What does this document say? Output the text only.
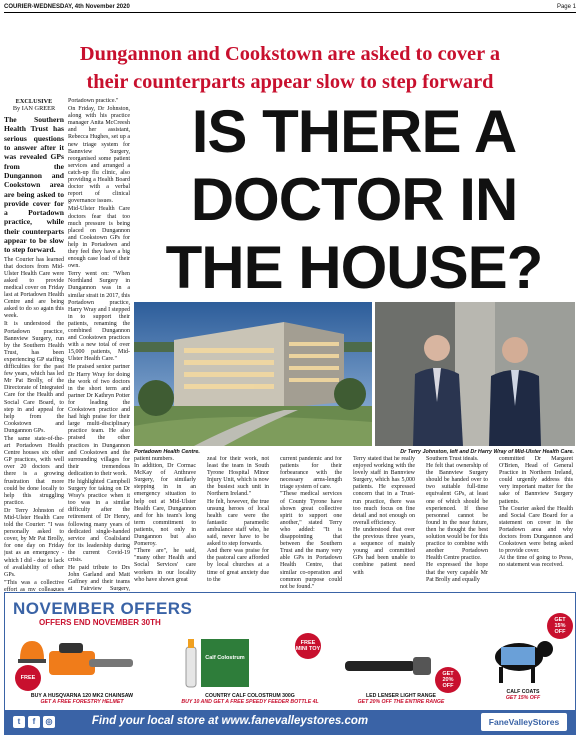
COURIER-WEDNESDAY, 4th November 2020	Page 1
Dungannon and Cookstown are asked to cover a
their counterparts appear slow to step forward
EXCLUSIVE
By IAN GREER
The Southern Health Trust has serious questions to answer after it was revealed GPs from the Dungannon and Cookstown area are being asked to provide cover for a Portadown practice, while their counterparts appear to be slow to step forward.

The Courier has learned that doctors from Mid-Ulster Health Care were asked to provide medical cover on Friday last at Portadown Health Centre and are being asked to do so again this week.

It is understood the Portadown practice, Bannview Surgery, run by the Southern Health Trust, has been experiencing GP staffing difficulties for the past few years, which has led Mr Pat Brolly, of the Directorate of Integrated Care for the Health and Social Care Board, to step in and appeal for help from the Cookstown and Dungannon GPs.

The same state-of-the-art Portadown Health Centre houses six other GP practices, with well over 20 doctors and there is a growing frustration that more could be done locally to help this struggling practice.

Dr Terry Johnston of Mid-Ulster Health Care told the Courier: "I was personally asked to cover, by Mr Pat Brolly, for one day on Friday just as an emergency - which I did - due to lack of availability of other GPs.

"This was a collective effort as my colleagues

Portadown practice."

On Friday, Dr Johnston, along with his practice manager Anita McCreesh and her assistant, Rebecca Hughes, set up a new triage system for Bannview Surgery, reorganised some patient services and arranged a catch-up flu clinic, also providing a Health Board doctor with a verbal report of clinical governance issues.

Mid-Ulster Health Care doctors fear that too much pressure is being placed on Dungannon and Cookstown GPs for help in Portadown and they feel they have a big enough case load of their own.

Terry went on: "When Northland Surgery in Dungannon was in a similar strait in 2017, this Portadown practice, Harry Wray and I stepped in to support their patients, renaming the combined Dungannon and Cookstown practices with a new total of over 15,000 patients, Mid-Ulster Health Care."

He praised senior partner Dr Harry Wray for doing the work of two doctors in the short term and partner Dr Kathryn Potter for leading the Cookstown practice and had high praise for their large multi-disciplinary practice team. He also praised the other practices in Dungannon and Cookstown and the surrounding villages for their tremendous dedication to their work.

He highlighted Campbell Surgery for taking on Dr Wray's practice when it too was in a similar difficulty after the retirement of Dr Henry, following many years of dedicated single-handed service and Coalisland for its leadership during the current Covid-19 crisis.

He paid tribute to Drs John Garland and Matt Gaffney and their teams at Fairview Surgery,

IS THERE A
DOCTOR IN
THE HOUSE?
Portadown Health Centre.	Dr Terry Johnston, left and Dr Harry Wray of Mid-Ulster Health Care.
patient numbers.
In addition, Dr Cormac McKay of Anthrave Surgery, for similarly stepping in in an emergency situation to help out at Mid-Ulster Health Care, Dungannon and for his team's long term commitment to patients, not only in Dungannon but also Pomeroy.
"There are", he said, "many other Health and Social Services' care workers in our locality who have shown great
zeal for their work, not least the team in South Tyrone Hospital Minor Injury Unit, which is now the busiest such unit in Northern Ireland."
He felt, however, the true unsung heroes of local health care were the fantastic paramedic ambulance staff who, he said, never have to be asked to step forwards.
And there was praise for the pastoral care afforded by local churches at a time of great anxiety due to the
current pandemic and for patients for their forbearance with the necessary arms-length triage system of care.
"These medical services of County Tyrone have shown great collective spirit to support one another," stated Terry who added: "It is disappointing that between the Southern Trust and the many very able GPs in Portadown Health Centre, that similar co-operation and common purpose could not be found."
Terry stated that he really enjoyed working with the lovely staff in Bannview Surgery, which has 5,000 patients. He expressed concern that in a Trust-run practice, there was too much focus on fine detail and not enough on overall efficiency.
He understood that over the previous three years, a sequence of mainly young and committed GPs had been unable to combine patient need with
Southern Trust ideals.
He felt that ownership of the Bannview Surgery should be handed over to two suitable full-time equivalent GPs, at least one of which should be experienced. If these personnel cannot be found in the near future, then he thought the best solution would be for this practice to combine with another Portadown Health Centre practice.
He expressed the hope that the very capable Mr Pat Brolly and equally
committed Dr Margaret O'Brien, Head of General Practice in Northern Ireland, could urgently address this very important matter for the sake of Bannview Surgery patients.
The Courier asked the Health and Social Care Board for a statement on cover in the Portadown area and why doctors from Dungannon and Cookstown were being asked to provide cover.
At the time of going to Press, no statement was received.
NOVEMBER OFFERS
OFFERS END NOVEMBER 30TH
FREE
Calf Colostrum
FREE
MINI TOY
GET
20%
OFF
GET
15%
OFF
BUY A HUSQVARNA 120 MK2 CHAINSAW
GET A FREE FORESTRY HELMET
COUNTRY CALF COLOSTRUM 300G
BUY 10 AND GET A FREE SPEEDY FEEDER BOTTLE 4L
LED LENSER LIGHT RANGE
GET 20% OFF THE ENTIRE RANGE
CALF COATS
GET 15% OFF
t	f	◎	Find your local store at www.fanevalleystores.com	FaneValleyStores
